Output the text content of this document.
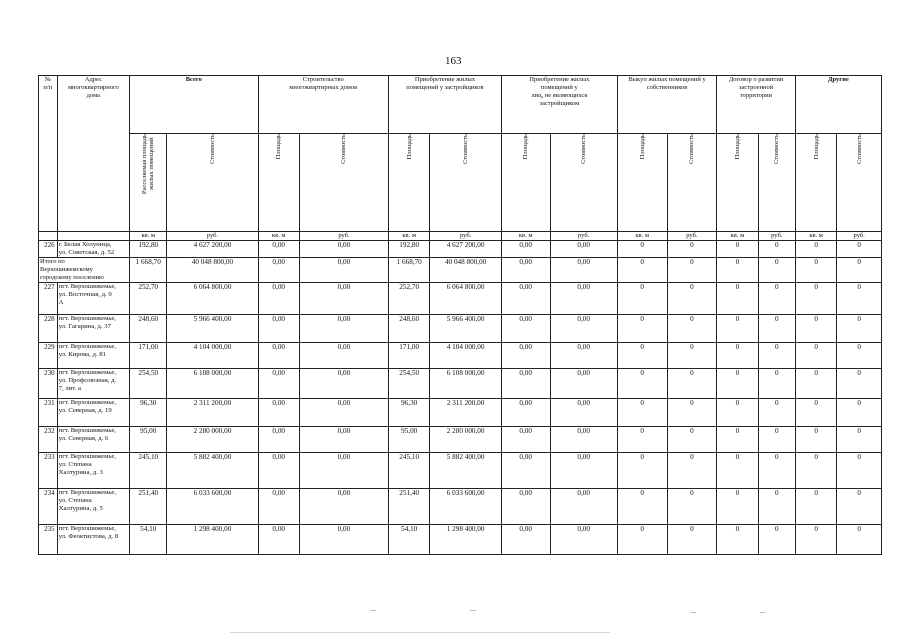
163
№
п/п	Адрес
многоквартирного
дома	Всего		Строительство
многоквартирных домов		Приобретение жилых
помещений у застройщиков		Приобретение жилых
помещений у
лиц, не являющихся
застройщиком		Выкуп жилых помещений у
собственников		Договор о развитии
застроенной
территории		Другие	
		Расселяемая площадь
жилых помещений	Стоимость	Площадь	Стоимость	Площадь	Стоимость	Площадь	Стоимость	Площадь	Стоимость	Площадь	Стоимость	Площадь	Стоимость
		кв. м	руб.	кв. м	руб.	кв. м	руб.	кв. м	руб.	кв. м	руб.	кв. м	руб.	кв. м	руб.
226	г. Белая Холуница,
ул. Советская, д. 52	192,80	4 627 200,00	0,00	0,00	192,80	4 627 200,00	0,00	0,00	0	0	0	0	0	0
Итого по
Верхошижемскому
городскому поселению		1 668,70	40 048 800,00	0,00	0,00	1 668,70	40 048 800,00	0,00	0,00	0	0	0	0	0	0
227	пгт. Верхошижемье,
ул. Восточная, д. 9
А	252,70	6 064 800,00	0,00	0,00	252,70	6 064 800,00	0,00	0,00	0	0	0	0	0	0
228	пгт. Верхошижемье,
ул. Гагарина, д. 37	248,60	5 966 400,00	0,00	0,00	248,60	5 966 400,00	0,00	0,00	0	0	0	0	0	0
229	пгт. Верхошижемье,
ул. Кирова, д. 81	171,00	4 104 000,00	0,00	0,00	171,00	4 104 000,00	0,00	0,00	0	0	0	0	0	0
230	пгт. Верхошижемье,
ул. Профсоюзная, д.
7, лит. а	254,50	6 108 000,00	0,00	0,00	254,50	6 108 000,00	0,00	0,00	0	0	0	0	0	0
231	пгт. Верхошижемье,
ул. Северная, д. 19	96,30	2 311 200,00	0,00	0,00	96,30	2 311 200,00	0,00	0,00	0	0	0	0	0	0
232	пгт. Верхошижемье,
ул. Северная, д. 6	95,00	2 280 000,00	0,00	0,00	95,00	2 280 000,00	0,00	0,00	0	0	0	0	0	0
233	пгт. Верхошижемье,
ул. Степана
Халтурина, д. 3	245,10	5 882 400,00	0,00	0,00	245,10	5 882 400,00	0,00	0,00	0	0	0	0	0	0
234	пгт. Верхошижемье,
ул. Степана
Халтурина, д. 5	251,40	6 033 600,00	0,00	0,00	251,40	6 033 600,00	0,00	0,00	0	0	0	0	0	0
235	пгт. Верхошижемье,
ул. Феоктистова, д. 8	54,10	1 298 400,00	0,00	0,00	54,10	1 298 400,00	0,00	0,00	0	0	0	0	0	0
